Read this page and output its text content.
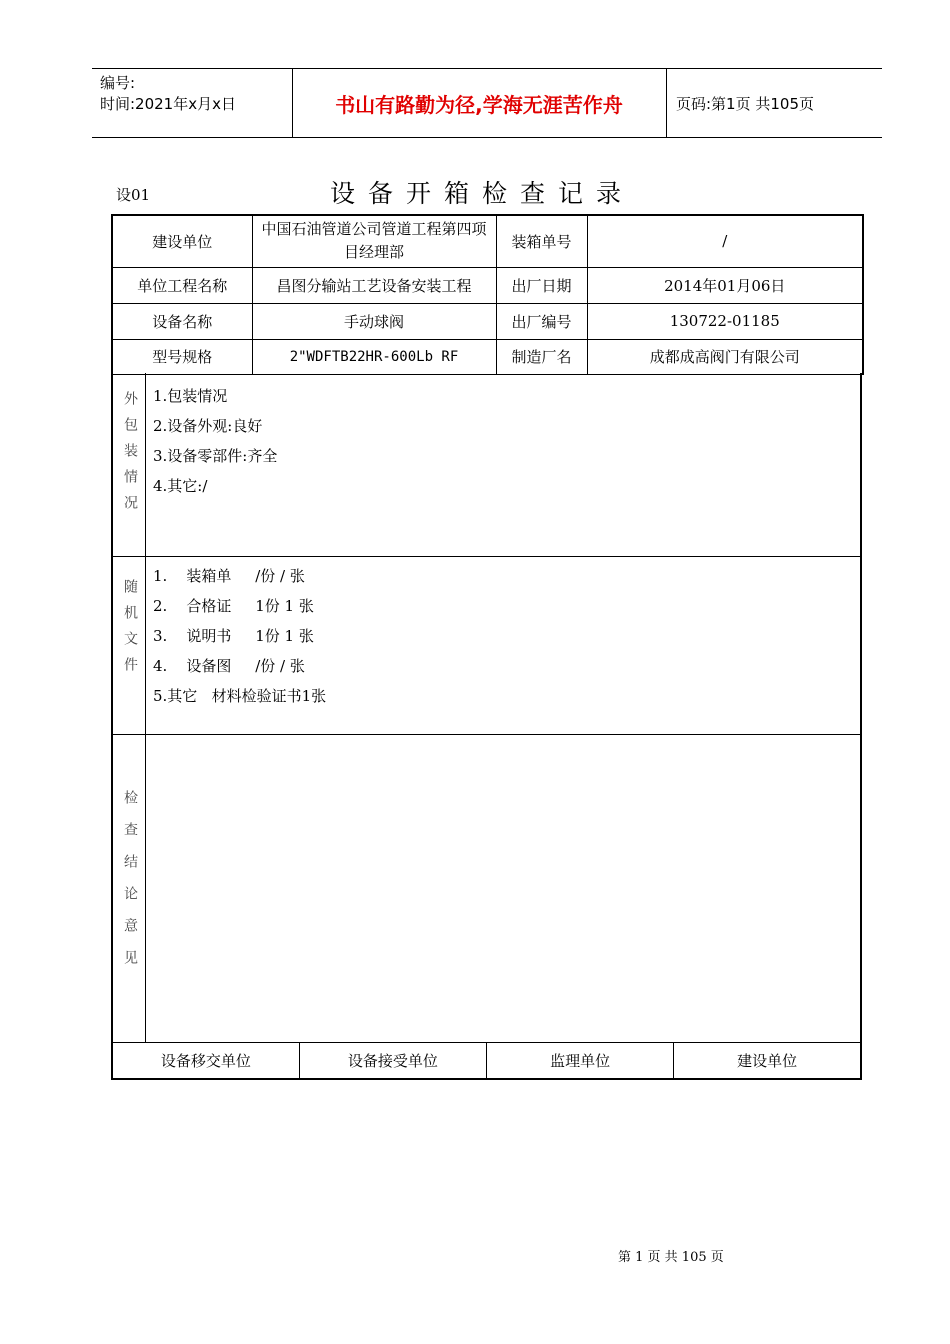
编号:
时间:2021年x月x日	书山有路勤为径,学海无涯苦作舟	页码:第1页 共105页
设01	设备开箱检查记录
建设单位	中国石油管道公司管道工程第四项目经理部	装箱单号	/
单位工程名称	昌图分输站工艺设备安装工程	出厂日期	2014年01月06日
设备名称	手动球阀	出厂编号	130722-01185
型号规格	2"WDFTB22HR-600Lb RF	制造厂名	成都成高阀门有限公司
外包装情况 1.包装情况
2.设备外观:良好
3.设备零部件:齐全
4.其它:/
随机文件
1.    装箱单     /份 / 张
2.    合格证     1份 1 张
3.    说明书     1份 1 张
4.    设备图     /份 / 张
5.其它   材料检验证书1张
检查结论意见
设备移交单位	设备接受单位	监理单位	建设单位
第 1 页 共 105 页
